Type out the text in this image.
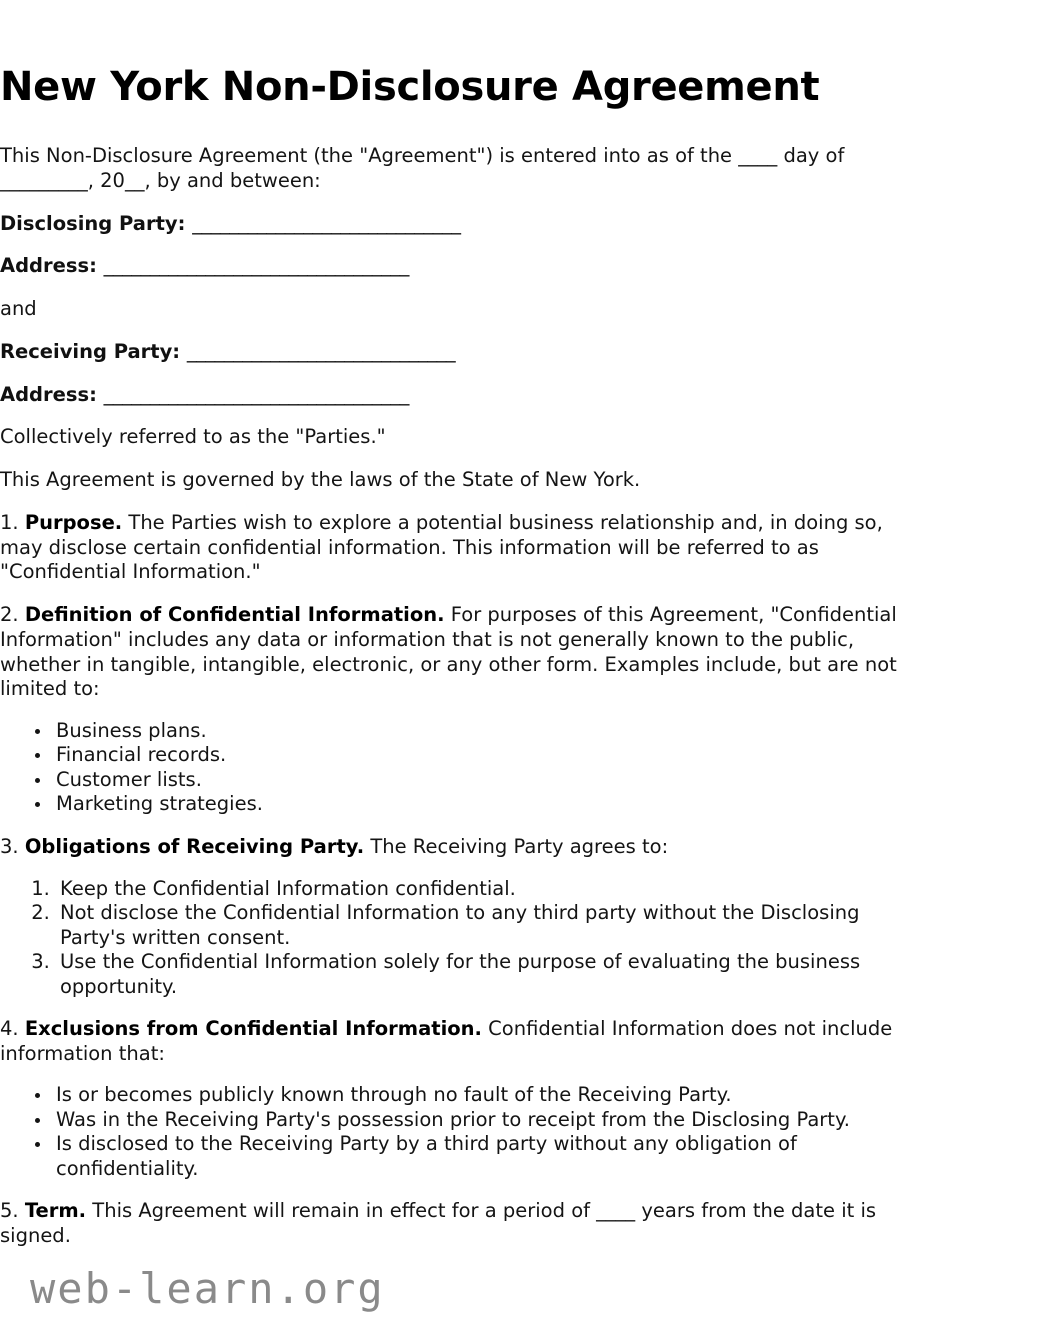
New York Non-Disclosure Agreement

This Non-Disclosure Agreement (the "Agreement") is entered into as of the ____ day of _________, 20__, by and between:

Disclosing Party: _____________________________

Address: _________________________________

and

Receiving Party: _____________________________

Address: _________________________________

Collectively referred to as the "Parties."

This Agreement is governed by the laws of the State of New York.

1. Purpose. The Parties wish to explore a potential business relationship and, in doing so, may disclose certain confidential information. This information will be referred to as "Confidential Information."

2. Definition of Confidential Information. For purposes of this Agreement, "Confidential Information" includes any data or information that is not generally known to the public, whether in tangible, intangible, electronic, or any other form. Examples include, but are not limited to:

• Business plans.
• Financial records.
• Customer lists.
• Marketing strategies.

3. Obligations of Receiving Party. The Receiving Party agrees to:

1. Keep the Confidential Information confidential.
2. Not disclose the Confidential Information to any third party without the Disclosing Party's written consent.
3. Use the Confidential Information solely for the purpose of evaluating the business opportunity.

4. Exclusions from Confidential Information. Confidential Information does not include information that:

• Is or becomes publicly known through no fault of the Receiving Party.
• Was in the Receiving Party's possession prior to receipt from the Disclosing Party.
• Is disclosed to the Receiving Party by a third party without any obligation of confidentiality.

5. Term. This Agreement will remain in effect for a period of ____ years from the date it is signed.

web-learn.org
